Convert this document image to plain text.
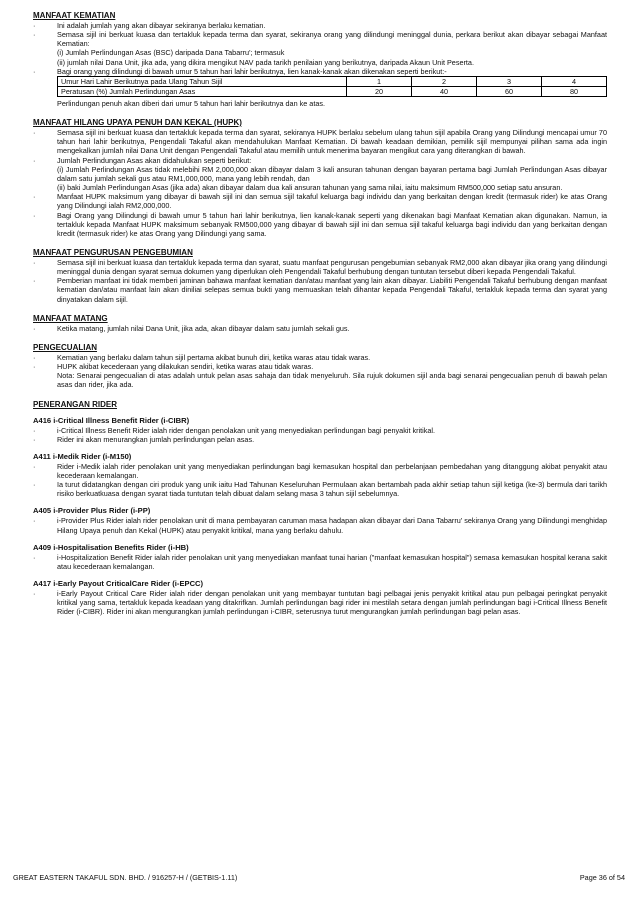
MANFAAT KEMATIAN

·	Ini adalah jumlah yang akan dibayar sekiranya berlaku kematian.
·	Semasa sijil ini berkuat kuasa dan tertakluk kepada terma dan syarat, sekiranya orang yang dilindungi meninggal dunia, perkara berikut akan dibayar sebagai Manfaat Kematian:
(i) Jumlah Perlindungan Asas (BSC) daripada Dana Tabarru'; termasuk
(ii) jumlah nilai Dana Unit, jika ada, yang dikira mengikut NAV pada tarikh penilaian yang berikutnya, daripada Akaun Unit Peserta.
·	Bagi orang yang dilindungi di bawah umur 5 tahun hari lahir berikutnya, lien kanak-kanak akan dikenakan seperti berikut:-
Umur Hari Lahir Berikutnya pada Ulang Tahun Sijil	1	2	3	4
Peratusan (%) Jumlah Perlindungan Asas	20	40	60	80
Perlindungan penuh akan diberi dari umur 5 tahun hari lahir berikutnya dan ke atas.

MANFAAT HILANG UPAYA PENUH DAN KEKAL (HUPK)

·	Semasa sijil ini berkuat kuasa dan tertakluk kepada terma dan syarat, sekiranya HUPK berlaku sebelum ulang tahun sijil apabila Orang yang Dilindungi mencapai umur 70 tahun hari lahir berikutnya, Pengendali Takaful akan mendahulukan Manfaat Kematian. Di bawah keadaan demikian, pemilik sijil mempunyai pilihan sama ada ingin mengekalkan jumlah nilai Dana Unit dengan Pengendali Takaful atau memilih untuk menerima bayaran mengikut cara yang diterangkan di bawah.
·	Jumlah Perlindungan Asas akan didahulukan seperti berikut:
(i) Jumlah Perlindungan Asas tidak melebihi RM 2,000,000 akan dibayar dalam 3 kali ansuran tahunan dengan bayaran pertama bagi Jumlah Perlindungan Asas dibayar dalam satu jumlah sekali gus atau RM1,000,000, mana yang lebih rendah, dan
(ii) baki Jumlah Perlindungan Asas (jika ada) akan dibayar dalam dua kali ansuran tahunan yang sama nilai, iaitu maksimum RM500,000 setiap satu ansuran.
·	Manfaat HUPK maksimum yang dibayar di bawah sijil ini dan semua sijil takaful keluarga bagi individu dan yang berkaitan dengan kredit (termasuk rider) ke atas Orang yang Dilindungi ialah RM2,000,000.
·	Bagi Orang yang Dilindungi di bawah umur 5 tahun hari lahir berikutnya, lien kanak-kanak seperti yang dikenakan bagi Manfaat Kematian akan digunakan. Namun, ia tertakluk kepada Manfaat HUPK maksimum sebanyak RM500,000 yang dibayar di bawah sijil ini dan semua sijil takaful keluarga bagi individu dan yang berkaitan dengan kredit (termasuk rider) ke atas Orang yang Dilindungi yang sama.

MANFAAT PENGURUSAN PENGEBUMIAN

·	Semasa sijil ini berkuat kuasa dan tertakluk kepada terma dan syarat, suatu manfaat pengurusan pengebumian sebanyak RM2,000 akan dibayar jika orang yang dilindungi meninggal dunia dengan syarat semua dokumen yang diperlukan oleh Pengendali Takaful berhubung dengan tuntutan tersebut diberi kepada Pengendali Takaful.
·	Pemberian manfaat ini tidak memberi jaminan bahawa manfaat kematian dan/atau manfaat yang lain akan dibayar. Liabiliti Pengendali Takaful berhubung dengan manfaat kematian dan/atau manfaat lain akan diniliai selepas semua bukti yang memuaskan telah dihantar kepada Pengendali Takaful, tertakluk kepada terma dan syarat yang dinyatakan dalam sijil.

MANFAAT MATANG

·	Ketika matang, jumlah nilai Dana Unit, jika ada, akan dibayar dalam satu jumlah sekali gus.

PENGECUALIAN

·	Kematian yang berlaku dalam tahun sijil pertama akibat bunuh diri, ketika waras atau tidak waras.
·	HUPK akibat kecederaan yang dilakukan sendiri, ketika waras atau tidak waras.
Nota: Senarai pengecualian di atas adalah untuk pelan asas sahaja dan tidak menyeluruh. Sila rujuk dokumen sijil anda bagi senarai pengecualian penuh di bawah pelan asas dan rider, jika ada.

PENERANGAN RIDER

A416 i-Critical Illness Benefit Rider (i-CIBR)

·	i-Critical Illness Benefit Rider ialah rider dengan penolakan unit yang menyediakan perlindungan bagi penyakit kritikal.
·	Rider ini akan menurangkan jumlah perlindungan pelan asas.

A411 i-Medik Rider (i-M150)

·	Rider i-Medik ialah rider penolakan unit yang menyediakan perlindungan bagi kemasukan hospital dan perbelanjaan pembedahan yang ditanggung akibat penyakit atau kecederaan kemalangan.
·	Ia turut didatangkan dengan ciri produk yang unik iaitu Had Tahunan Keseluruhan Permulaan akan bertambah pada akhir setiap tahun sijil ketiga (ke-3) bermula dari tarikh risiko berkuatkuasa dengan syarat tiada tuntutan telah dibuat dalam selang masa 3 tahun sijil sebelumnya.

A405 i-Provider Plus Rider (i-PP)

·	i-Provider Plus Rider ialah rider penolakan unit di mana pembayaran caruman masa hadapan akan dibayar dari Dana Tabarru' sekiranya Orang yang Dilindungi menghidap Hilang Upaya penuh dan Kekal (HUPK) atau penyakit kritikal, mana yang berlaku dahulu.

A409 i-Hospitalisation Benefits Rider (i-HB)

·	i-Hospitalization Benefit Rider ialah rider penolakan unit yang menyediakan manfaat tunai harian ("manfaat kemasukan hospital") semasa kemasukan hospital kerana sakit atau kecederaan kemalangan.

A417 i-Early Payout CriticalCare Rider (i-EPCC)

·	i-Early Payout Critical Care Rider ialah rider dengan penolakan unit yang membayar tuntutan bagi pelbagai jenis penyakit kritikal atau pun pelbagai peringkat penyakit kritikal yang sama, tertakluk kepada keadaan yang ditakrifkan. Jumlah perlindungan bagi rider ini mestilah setara dengan jumlah perlindungan bagi i-Critical Illness Benefit Rider (i-CIBR). Rider ini akan mengurangkan jumlah perlindungan i-CIBR, seterusnya turut mengurangkan jumlah perlindungan bagi pelan asas.
GREAT EASTERN TAKAFUL SDN. BHD. / 916257-H / (GETBIS-1.11)	Page 36 of 54
